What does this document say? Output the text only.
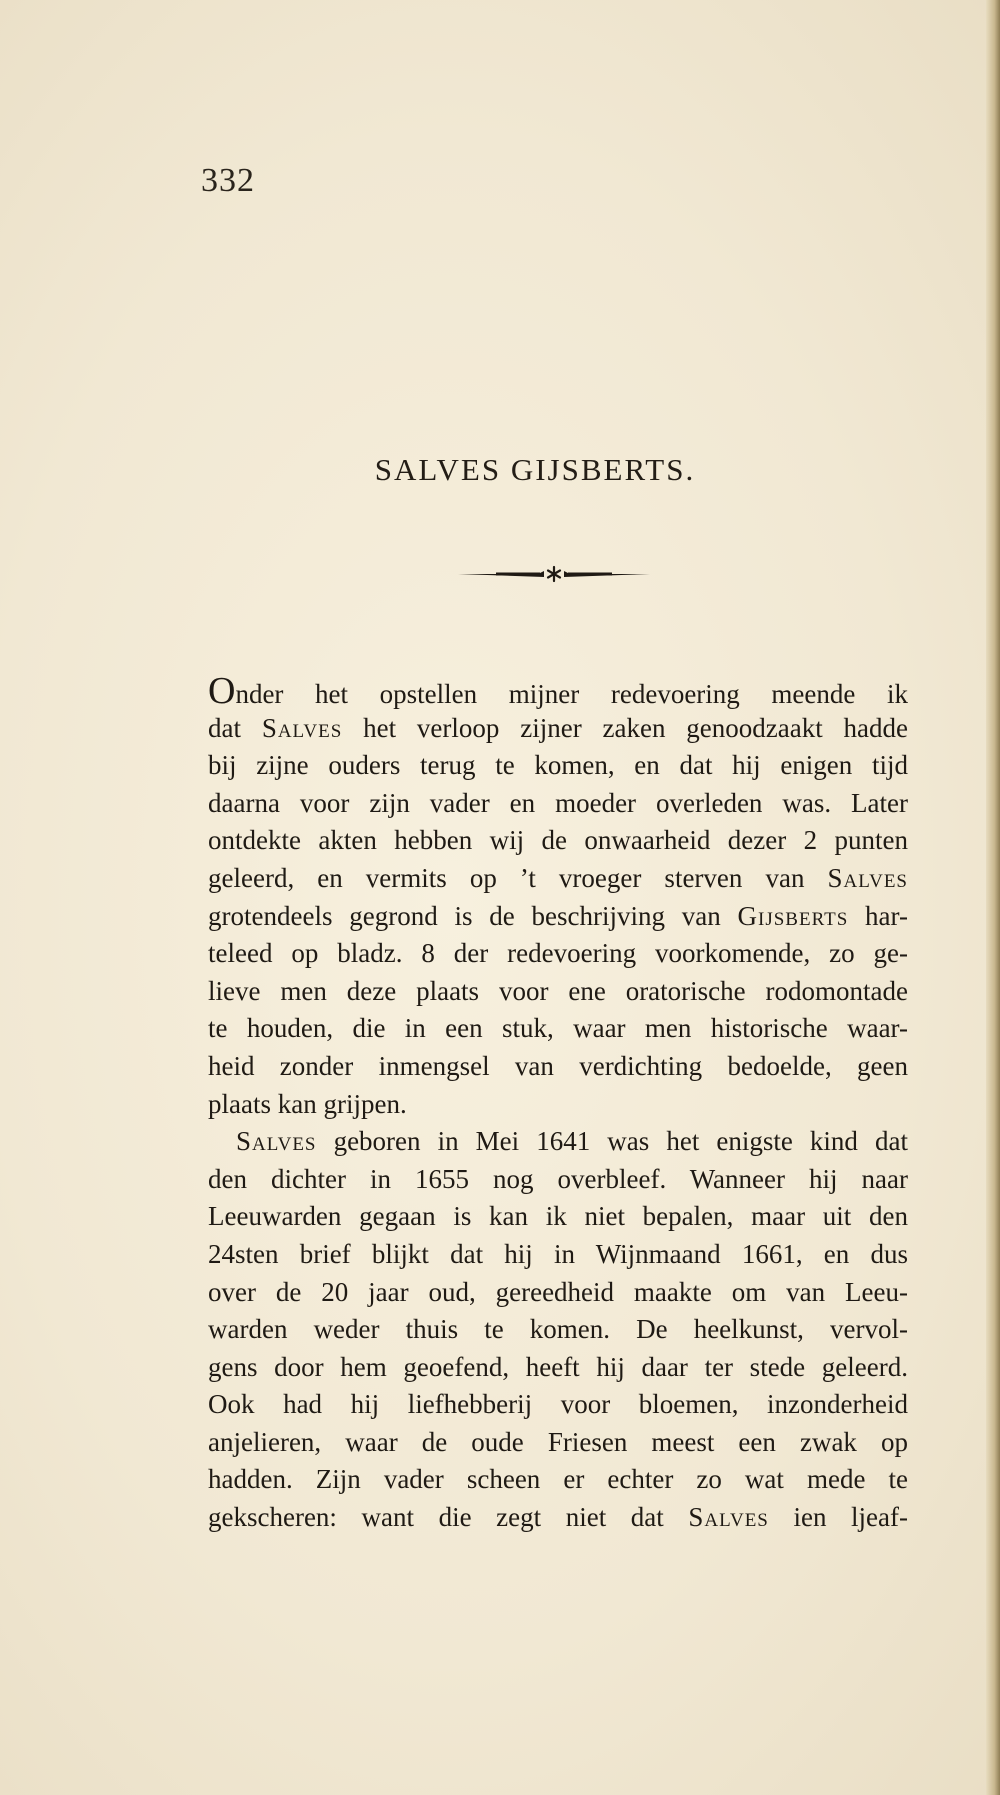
332
SALVES GIJSBERTS.
Onder het opstellen mijner redevoering meende ik
dat Salves het verloop zijner zaken genoodzaakt hadde
bij zijne ouders terug te komen, en dat hij enigen tijd
daarna voor zijn vader en moeder overleden was. Later
ontdekte akten hebben wij de onwaarheid dezer 2 punten
geleerd, en vermits op ’t vroeger sterven van Salves
grotendeels gegrond is de beschrijving van Gijsberts har-
teleed op bladz. 8 der redevoering voorkomende, zo ge-
lieve men deze plaats voor ene oratorische rodomontade
te houden, die in een stuk, waar men historische waar-
heid zonder inmengsel van verdichting bedoelde, geen
plaats kan grijpen.
Salves geboren in Mei 1641 was het enigste kind dat
den dichter in 1655 nog overbleef. Wanneer hij naar
Leeuwarden gegaan is kan ik niet bepalen, maar uit den
24sten brief blijkt dat hij in Wijnmaand 1661, en dus
over de 20 jaar oud, gereedheid maakte om van Leeu-
warden weder thuis te komen. De heelkunst, vervol-
gens door hem geoefend, heeft hij daar ter stede geleerd.
Ook had hij liefhebberij voor bloemen, inzonderheid
anjelieren, waar de oude Friesen meest een zwak op
hadden. Zijn vader scheen er echter zo wat mede te
gekscheren: want die zegt niet dat Salves ien ljeaf-
